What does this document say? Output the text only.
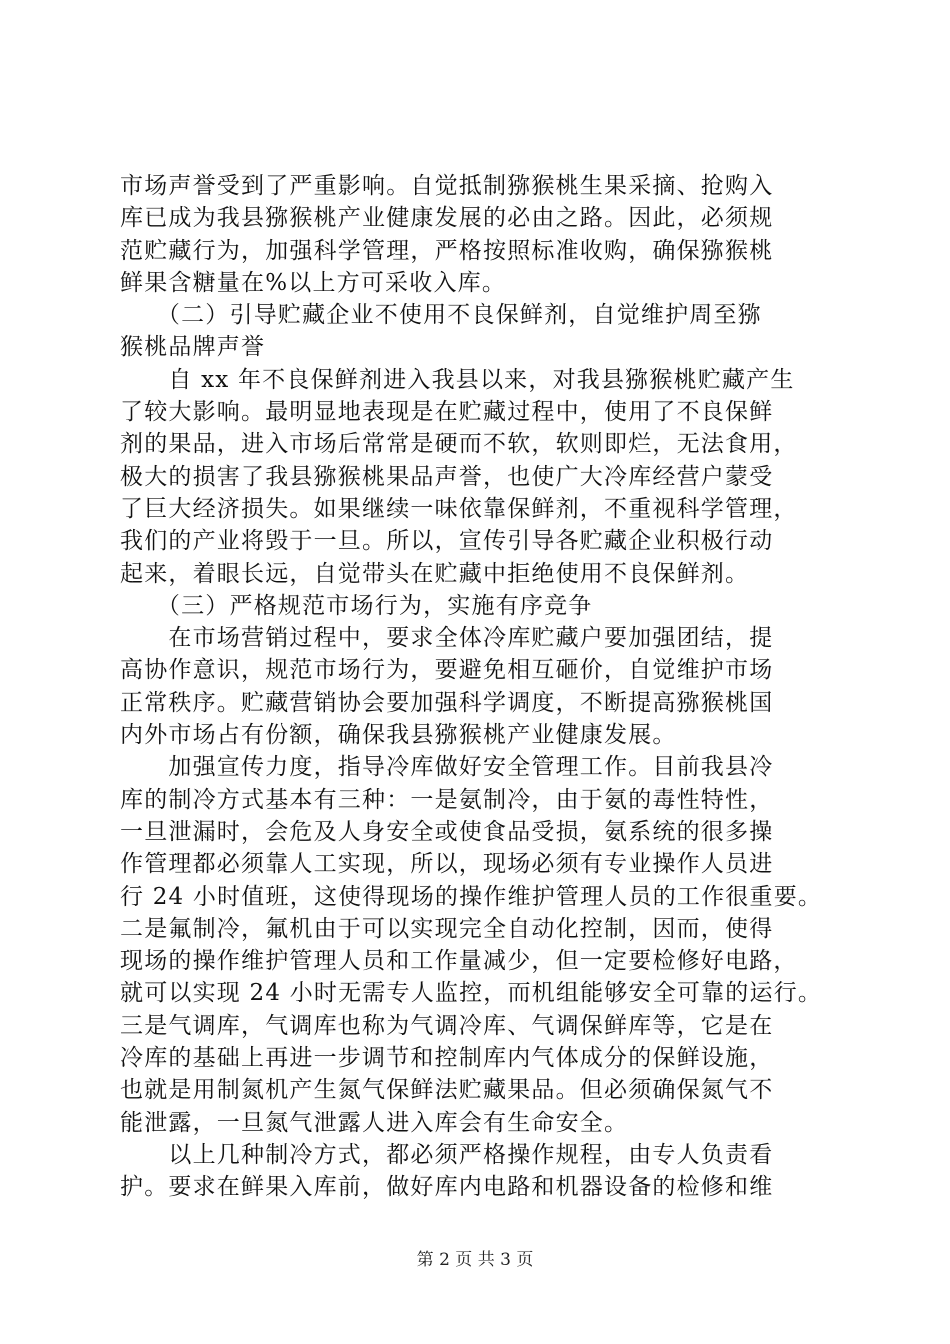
市场声誉受到了严重影响。自觉抵制猕猴桃生果采摘、抢购入
库已成为我县猕猴桃产业健康发展的必由之路。因此，必须规
范贮藏行为，加强科学管理，严格按照标准收购，确保猕猴桃
鲜果含糖量在%以上方可采收入库。
　　（二）引导贮藏企业不使用不良保鲜剂，自觉维护周至猕
猴桃品牌声誉
　　自 xx 年不良保鲜剂进入我县以来，对我县猕猴桃贮藏产生
了较大影响。最明显地表现是在贮藏过程中，使用了不良保鲜
剂的果品，进入市场后常常是硬而不软，软则即烂，无法食用，
极大的损害了我县猕猴桃果品声誉，也使广大冷库经营户蒙受
了巨大经济损失。如果继续一味依靠保鲜剂，不重视科学管理，
我们的产业将毁于一旦。所以，宣传引导各贮藏企业积极行动
起来，着眼长远，自觉带头在贮藏中拒绝使用不良保鲜剂。
　　（三）严格规范市场行为，实施有序竞争
　　在市场营销过程中，要求全体冷库贮藏户要加强团结，提
高协作意识，规范市场行为，要避免相互砸价，自觉维护市场
正常秩序。贮藏营销协会要加强科学调度，不断提高猕猴桃国
内外市场占有份额，确保我县猕猴桃产业健康发展。
　　加强宣传力度，指导冷库做好安全管理工作。目前我县冷
库的制冷方式基本有三种：一是氨制冷，由于氨的毒性特性，
一旦泄漏时，会危及人身安全或使食品受损，氨系统的很多操
作管理都必须靠人工实现，所以，现场必须有专业操作人员进
行 24 小时值班，这使得现场的操作维护管理人员的工作很重要。
二是氟制冷，氟机由于可以实现完全自动化控制，因而，使得
现场的操作维护管理人员和工作量减少，但一定要检修好电路，
就可以实现 24 小时无需专人监控，而机组能够安全可靠的运行。
三是气调库，气调库也称为气调冷库、气调保鲜库等，它是在
冷库的基础上再进一步调节和控制库内气体成分的保鲜设施，
也就是用制氮机产生氮气保鲜法贮藏果品。但必须确保氮气不
能泄露，一旦氮气泄露人进入库会有生命安全。
　　以上几种制冷方式，都必须严格操作规程，由专人负责看
护。要求在鲜果入库前，做好库内电路和机器设备的检修和维
第 2 页 共 3 页
